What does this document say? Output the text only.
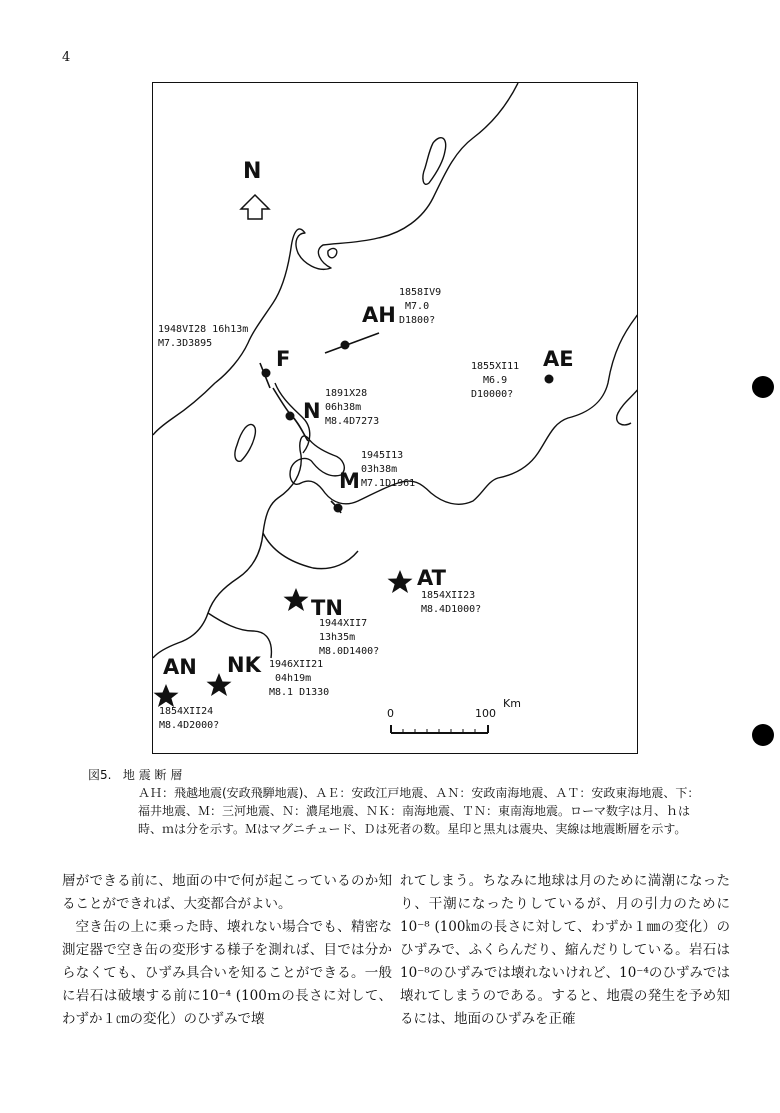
4
N
1858IV9
M7.0
D1800?
AH
1948VI28 16h13m
M7.3D3895
F
1891X28
06h38m
M8.4D7273
N
1855XI11
M6.9
D10000?
AE
1945I13
03h38m
M7.1D1961
M
AT
1854XII23
M8.4D1000?
TN
1944XII7
13h35m
M8.0D1400?
NK 1946XII21
04h19m
M8.1 D1330
AN
1854XII24
M8.4D2000?
0	100
Km
図5. 地 震 断 層
ＡＨ：飛越地震(安政飛騨地震)、ＡＥ：安政江戸地震、ＡＮ：安政南海地震、ＡＴ：安政東海地震、下：福井地震、Ｍ：三河地震、Ｎ：濃尾地震、ＮＫ：南海地震、ＴＮ：東南海地震。ローマ数字は月、ｈは時、ｍは分を示す。Ｍはマグニチュード、Ｄは死者の数。星印と黒丸は震央、実線は地震断層を示す。

層ができる前に、地面の中で何が起こっているのか知ることができれば、大変都合がよい。

空き缶の上に乗った時、壊れない場合でも、精密な測定器で空き缶の変形する様子を測れば、目では分からなくても、ひずみ具合いを知ることができる。一般に岩石は破壊する前に10⁻⁴ (100ｍの長さに対して、わずか１㎝の変化）のひずみで壊

れてしまう。ちなみに地球は月のために満潮になったり、干潮になったりしているが、月の引力のために10⁻⁸ (100㎞の長さに対して、わずか１㎜の変化）のひずみで、ふくらんだり、縮んだりしている。岩石は10⁻⁸のひずみでは壊れないけれど、10⁻⁴のひずみでは壊れてしまうのである。すると、地震の発生を予め知るには、地面のひずみを正確
